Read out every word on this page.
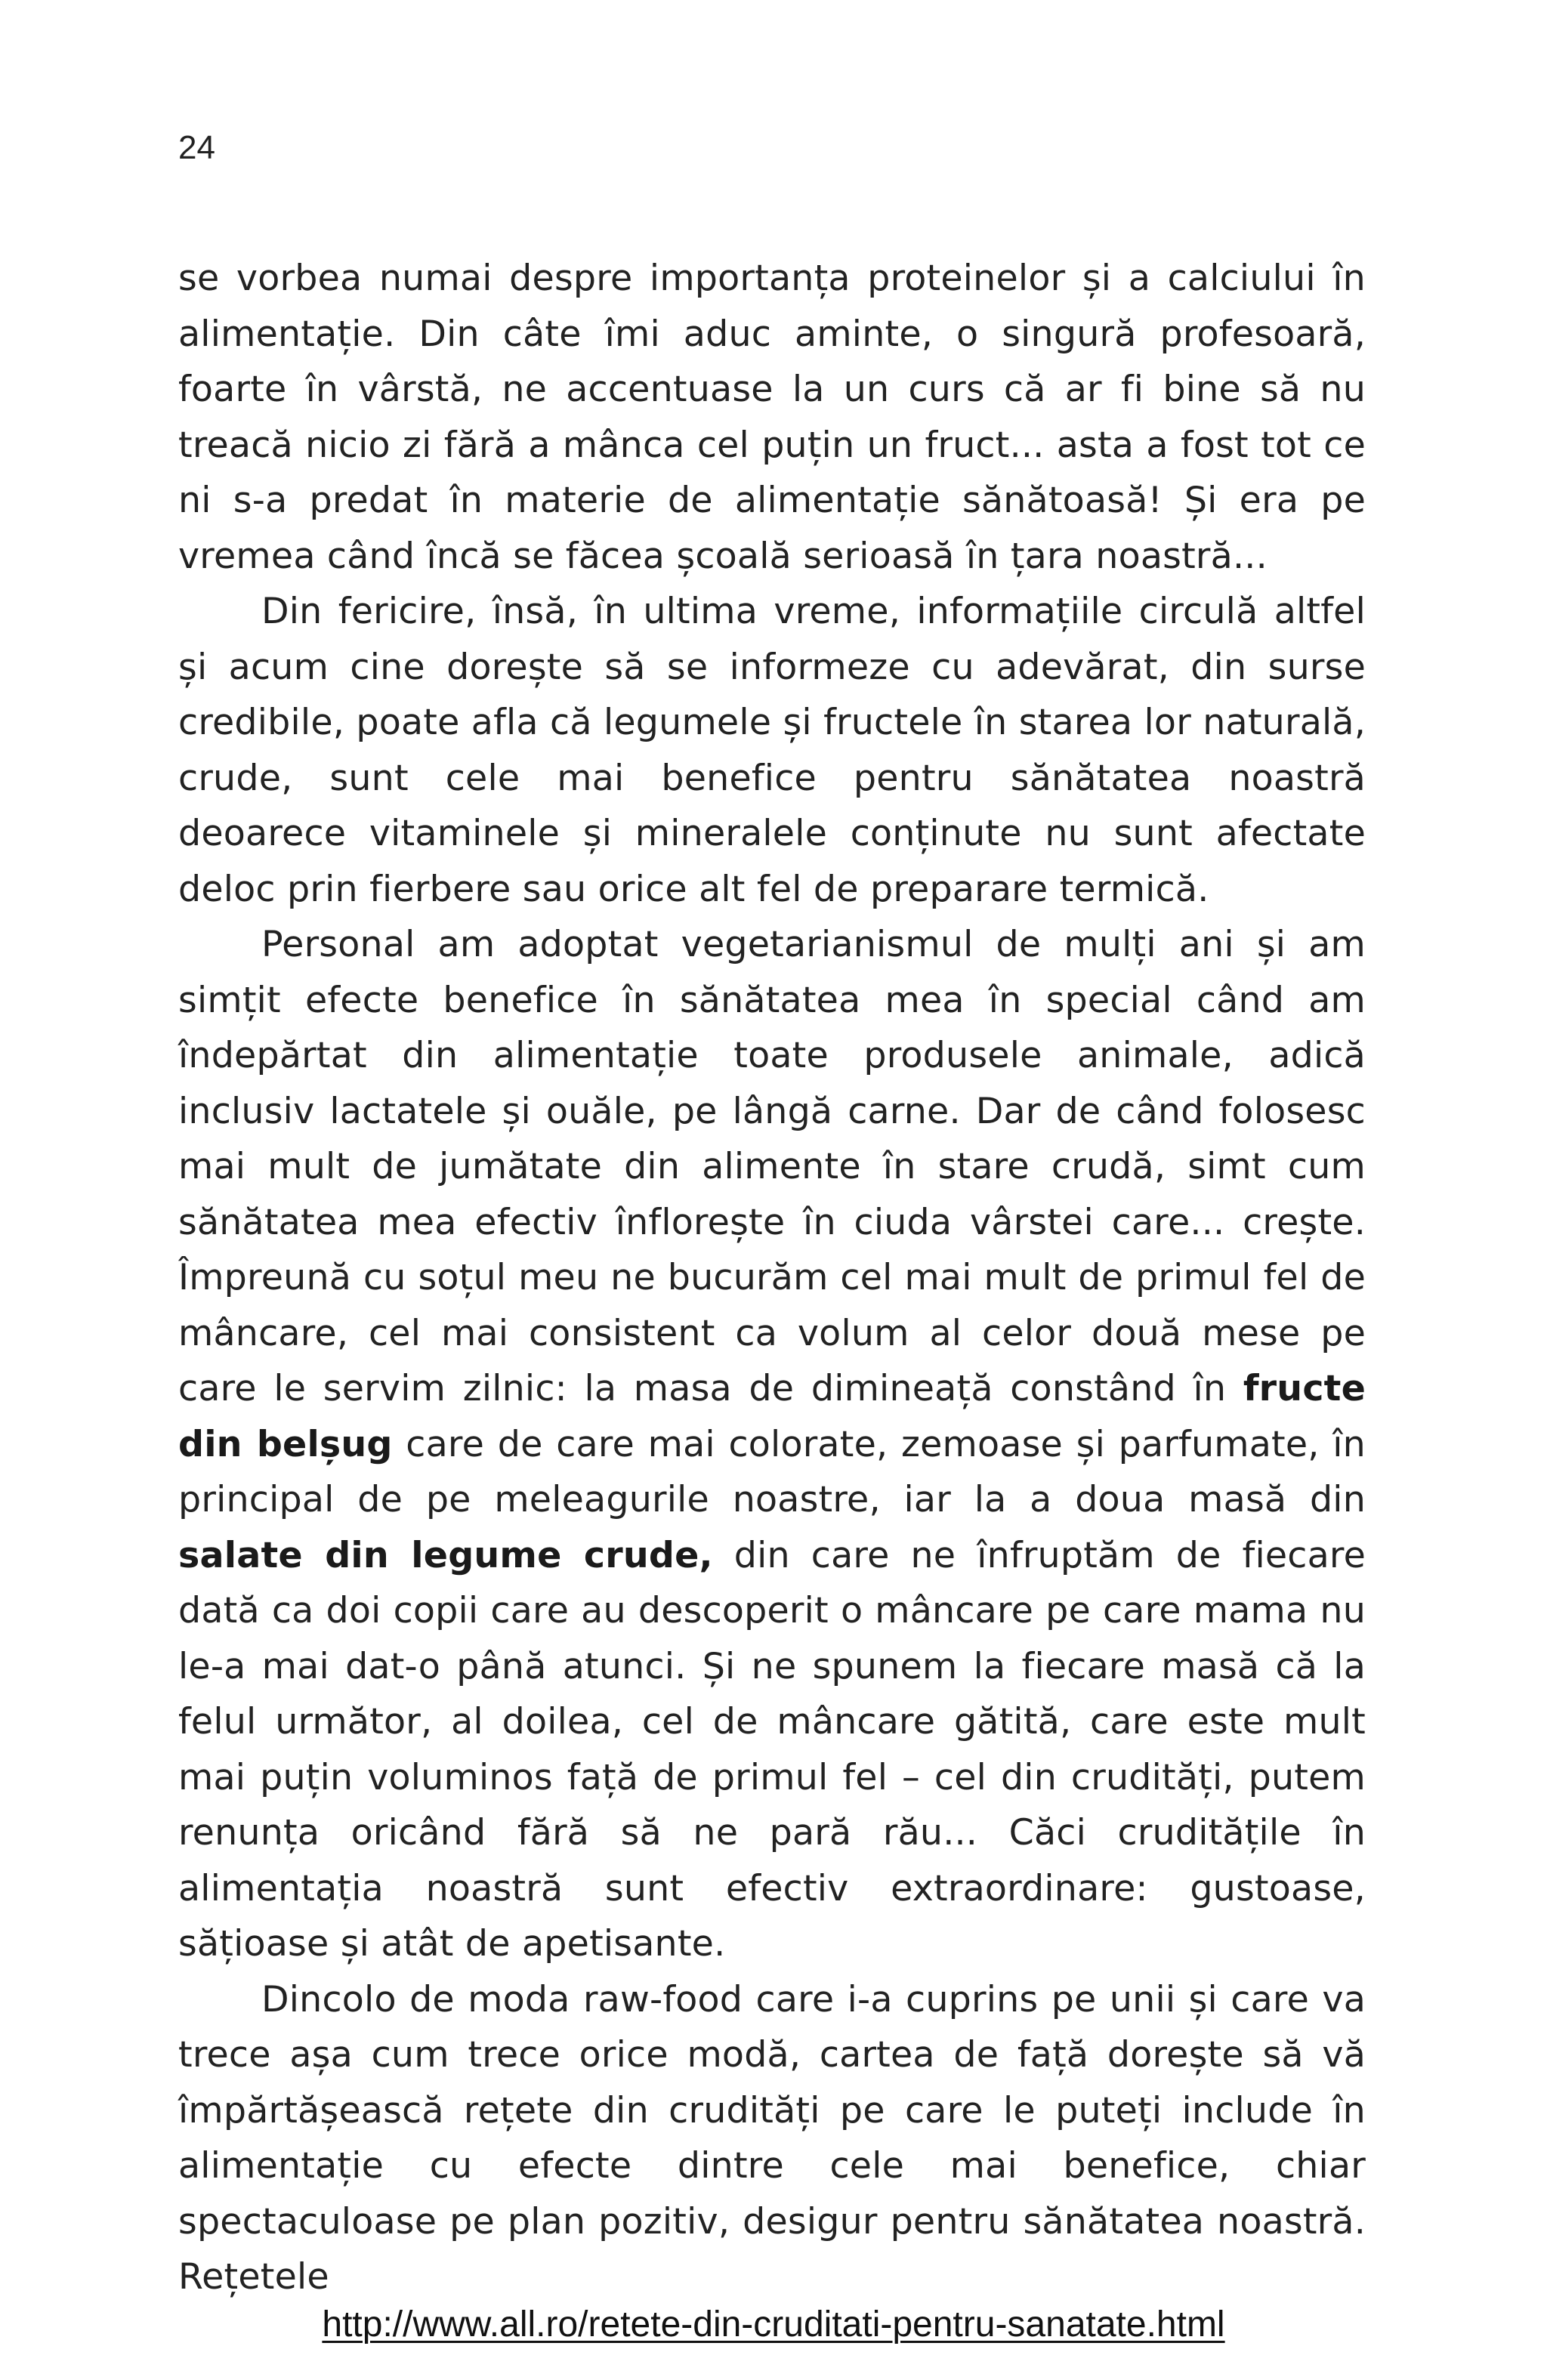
24

se vorbea numai despre importanța proteinelor și a calciului în alimentație. Din câte îmi aduc aminte, o singură profesoară, foarte în vârstă, ne accentuase la un curs că ar fi bine să nu treacă nicio zi fără a mânca cel puțin un fruct... asta a fost tot ce ni s-a predat în materie de alimentație sănătoasă! Și era pe vremea când încă se făcea școală serioasă în țara noastră...

Din fericire, însă, în ultima vreme, informațiile circulă altfel și acum cine dorește să se informeze cu adevărat, din surse credibile, poate afla că legumele și fructele în starea lor naturală, crude, sunt cele mai benefice pentru sănătatea noastră deoarece vitaminele și mineralele conținute nu sunt afectate deloc prin fierbere sau orice alt fel de preparare termică.

Personal am adoptat vegetarianismul de mulți ani și am simțit efecte benefice în sănătatea mea în special când am îndepărtat din alimentație toate produsele animale, adică inclusiv lactatele și ouăle, pe lângă carne. Dar de când folosesc mai mult de jumătate din alimente în stare crudă, simt cum sănătatea mea efectiv înflorește în ciuda vârstei care... crește. Împreună cu soțul meu ne bucurăm cel mai mult de primul fel de mâncare, cel mai consistent ca volum al celor două mese pe care le servim zilnic: la masa de dimineață constând în fructe din belșug care de care mai colorate, zemoase și parfumate, în principal de pe meleagurile noastre, iar la a doua masă din salate din legume crude, din care ne înfruptăm de fiecare dată ca doi copii care au descoperit o mâncare pe care mama nu le-a mai dat-o până atunci. Și ne spunem la fiecare masă că la felul următor, al doilea, cel de mâncare gătită, care este mult mai puțin voluminos față de primul fel – cel din crudități, putem renunța oricând fără să ne pară rău... Căci cruditățile în alimentația noastră sunt efectiv extraordinare: gustoase, sățioase și atât de apetisante.

Dincolo de moda raw-food care i-a cuprins pe unii și care va trece așa cum trece orice modă, cartea de față dorește să vă împărtășească rețete din crudități pe care le puteți include în alimentație cu efecte dintre cele mai benefice, chiar spectaculoase pe plan pozitiv, desigur pentru sănătatea noastră. Rețetele

http://www.all.ro/retete-din-cruditati-pentru-sanatate.html
